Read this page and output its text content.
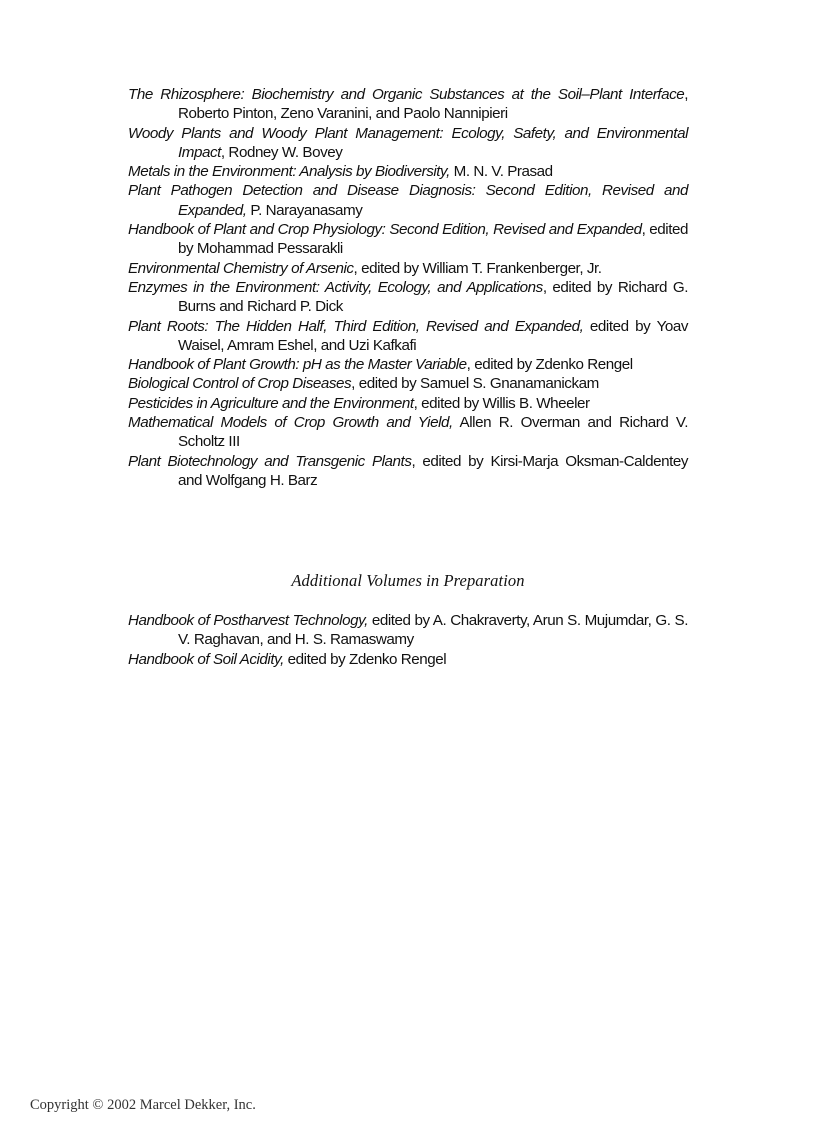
The Rhizosphere: Biochemistry and Organic Substances at the Soil–Plant Interface, Roberto Pinton, Zeno Varanini, and Paolo Nannipieri

Woody Plants and Woody Plant Management: Ecology, Safety, and Environmental Impact, Rodney W. Bovey

Metals in the Environment: Analysis by Biodiversity, M. N. V. Prasad

Plant Pathogen Detection and Disease Diagnosis: Second Edition, Revised and Expanded, P. Narayanasamy

Handbook of Plant and Crop Physiology: Second Edition, Revised and Expanded, edited by Mohammad Pessarakli

Environmental Chemistry of Arsenic, edited by William T. Frankenberger, Jr.

Enzymes in the Environment: Activity, Ecology, and Applications, edited by Richard G. Burns and Richard P. Dick

Plant Roots: The Hidden Half, Third Edition, Revised and Expanded, edited by Yoav Waisel, Amram Eshel, and Uzi Kafkafi

Handbook of Plant Growth: pH as the Master Variable, edited by Zdenko Rengel

Biological Control of Crop Diseases, edited by Samuel S. Gnanamanickam

Pesticides in Agriculture and the Environment, edited by Willis B. Wheeler

Mathematical Models of Crop Growth and Yield, Allen R. Overman and Richard V. Scholtz III

Plant Biotechnology and Transgenic Plants, edited by Kirsi-Marja Oksman-Caldentey and Wolfgang H. Barz

Additional Volumes in Preparation

Handbook of Postharvest Technology, edited by A. Chakraverty, Arun S. Mujumdar, G. S. V. Raghavan, and H. S. Ramaswamy

Handbook of Soil Acidity, edited by Zdenko Rengel

Copyright © 2002 Marcel Dekker, Inc.
